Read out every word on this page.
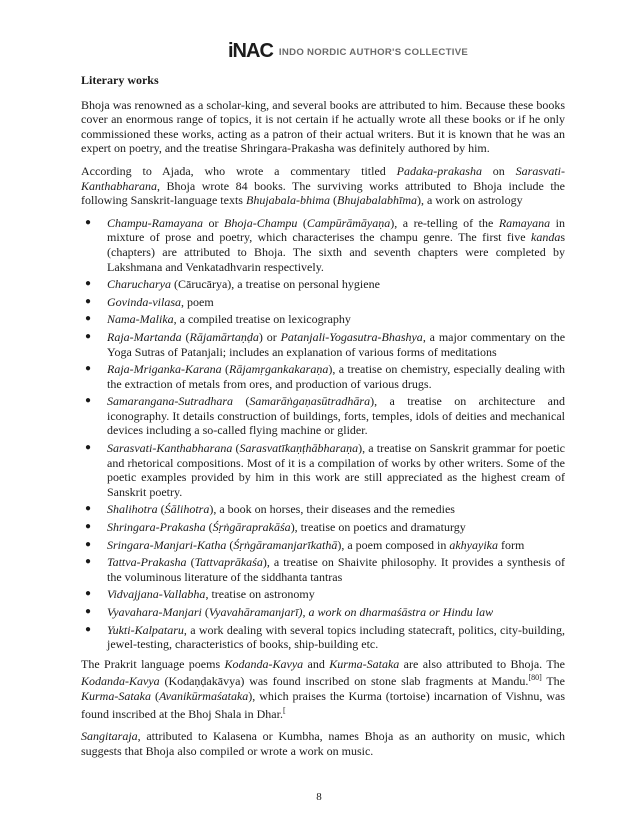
iNAC INDO NORDIC AUTHOR'S COLLECTIVE

Literary works

Bhoja was renowned as a scholar-king, and several books are attributed to him. Because these books cover an enormous range of topics, it is not certain if he actually wrote all these books or if he only commissioned these works, acting as a patron of their actual writers. But it is known that he was an expert on poetry, and the treatise Shringara-Prakasha was definitely authored by him.

According to Ajada, who wrote a commentary titled Padaka-prakasha on Sarasvati-Kanthabharana, Bhoja wrote 84 books. The surviving works attributed to Bhoja include the following Sanskrit-language texts Bhujabala-bhima (Bhujabalabhīma), a work on astrology

● Champu-Ramayana or Bhoja-Champu (Campūrāmāyaṇa), a re-telling of the Ramayana in mixture of prose and poetry, which characterises the champu genre. The first five kandas (chapters) are attributed to Bhoja. The sixth and seventh chapters were completed by Lakshmana and Venkatadhvarin respectively.
● Charucharya (Cārucārya), a treatise on personal hygiene
● Govinda-vilasa, poem
● Nama-Malika, a compiled treatise on lexicography
● Raja-Martanda (Rājamārtaṇḍa) or Patanjali-Yogasutra-Bhashya, a major commentary on the Yoga Sutras of Patanjali; includes an explanation of various forms of meditations
● Raja-Mriganka-Karana (Rājamṛgankakaraṇa), a treatise on chemistry, especially dealing with the extraction of metals from ores, and production of various drugs.
● Samarangana-Sutradhara (Samarāṅgaṇasūtradhāra), a treatise on architecture and iconography. It details construction of buildings, forts, temples, idols of deities and mechanical devices including a so-called flying machine or glider.
● Sarasvati-Kanthabharana (Sarasvatīkaṇṭhābharaṇa), a treatise on Sanskrit grammar for poetic and rhetorical compositions. Most of it is a compilation of works by other writers. Some of the poetic examples provided by him in this work are still appreciated as the highest cream of Sanskrit poetry.
● Shalihotra (Śālihotra), a book on horses, their diseases and the remedies
● Shringara-Prakasha (Śṛṅgāraprakāśa), treatise on poetics and dramaturgy
● Sringara-Manjari-Katha (Śṛṅgāramanjarīkathā), a poem composed in akhyayika form
● Tattva-Prakasha (Tattvaprākaśa), a treatise on Shaivite philosophy. It provides a synthesis of the voluminous literature of the siddhanta tantras
● Vidvajjana-Vallabha, treatise on astronomy
● Vyavahara-Manjari (Vyavahāramanjarī), a work on dharmaśāstra or Hindu law
● Yukti-Kalpataru, a work dealing with several topics including statecraft, politics, city-building, jewel-testing, characteristics of books, ship-building etc.

The Prakrit language poems Kodanda-Kavya and Kurma-Sataka are also attributed to Bhoja. The Kodanda-Kavya (Kodaṇḍakāvya) was found inscribed on stone slab fragments at Mandu.[80] The Kurma-Sataka (Avanikūrmaśataka), which praises the Kurma (tortoise) incarnation of Vishnu, was found inscribed at the Bhoj Shala in Dhar.[

Sangitaraja, attributed to Kalasena or Kumbha, names Bhoja as an authority on music, which suggests that Bhoja also compiled or wrote a work on music.

8
